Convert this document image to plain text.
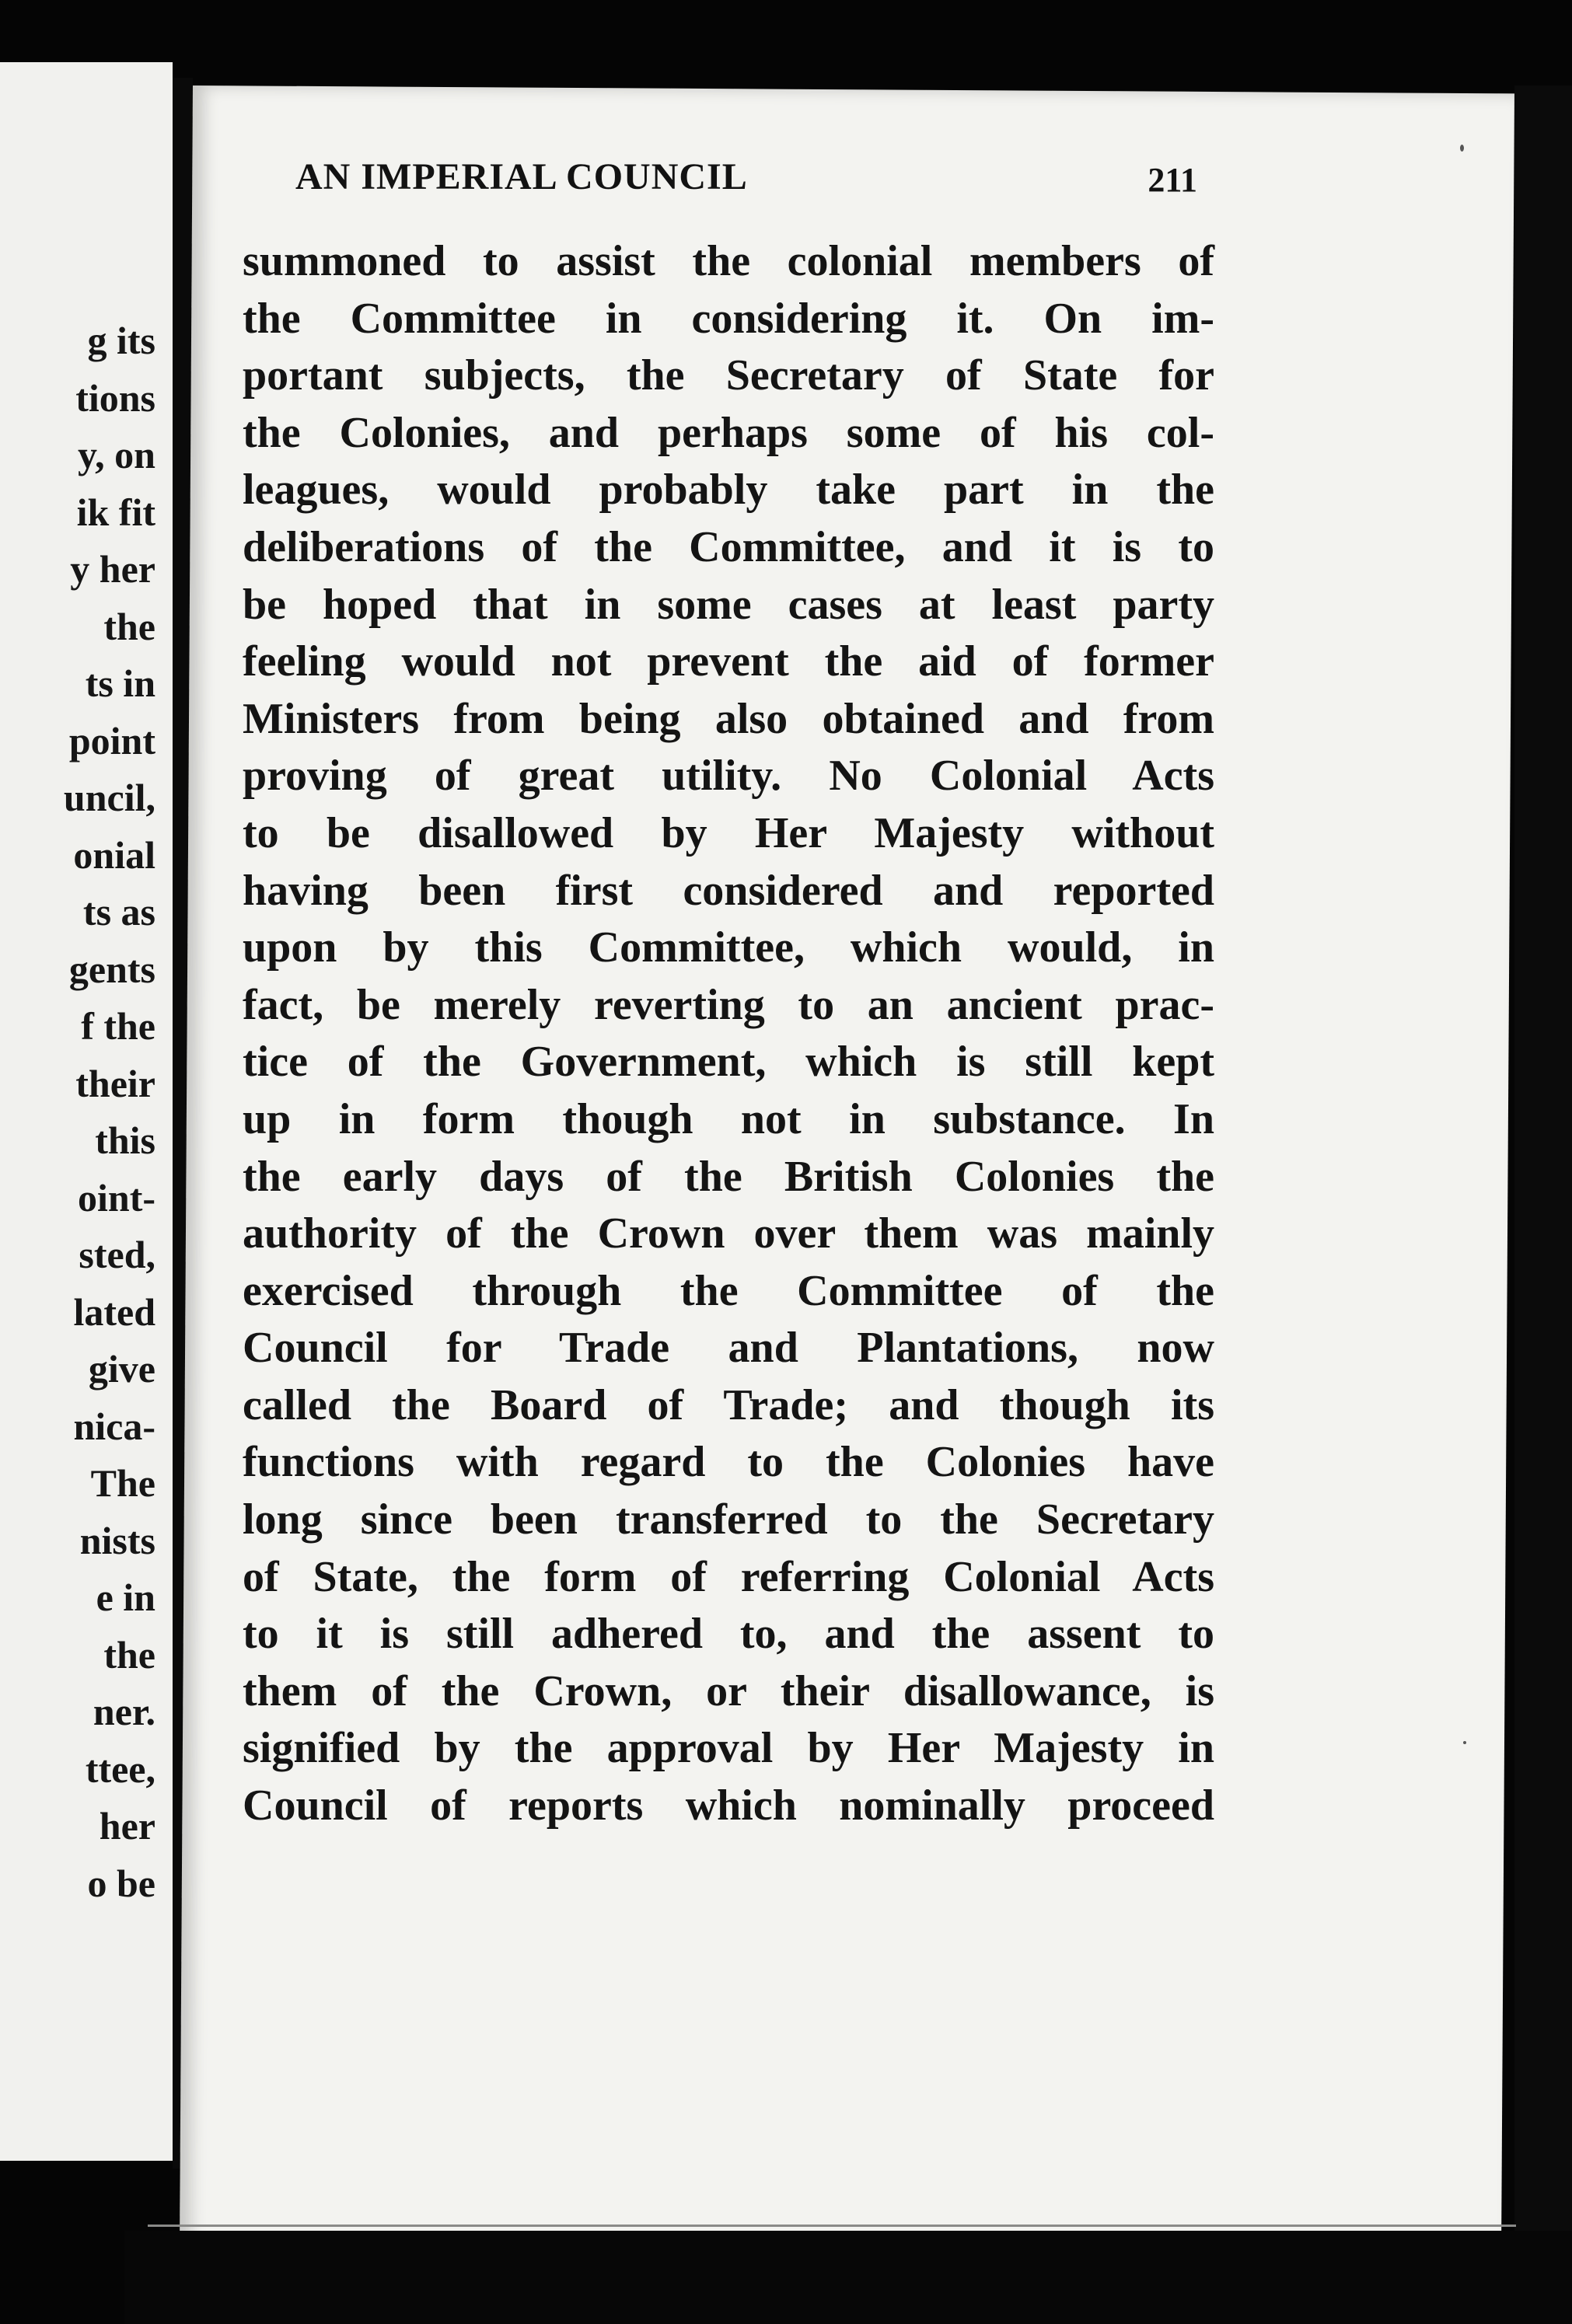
g its
tions
y, on
ik fit
y her
the
ts in
point
uncil,
onial
ts as
gents
f the
their
this
oint-
sted,
lated
give
nica-
The
nists
e in
the
ner.
ttee,
her
o be
AN IMPERIAL COUNCIL	211
summoned to assist the colonial members of
the Committee in considering it. On im-
portant subjects, the Secretary of State for
the Colonies, and perhaps some of his col-
leagues, would probably take part in the
deliberations of the Committee, and it is to
be hoped that in some cases at least party
feeling would not prevent the aid of former
Ministers from being also obtained and from
proving of great utility. No Colonial Acts
to be disallowed by Her Majesty without
having been first considered and reported
upon by this Committee, which would, in
fact, be merely reverting to an ancient prac-
tice of the Government, which is still kept
up in form though not in substance. In
the early days of the British Colonies the
authority of the Crown over them was mainly
exercised through the Committee of the
Council for Trade and Plantations, now
called the Board of Trade; and though its
functions with regard to the Colonies have
long since been transferred to the Secretary
of State, the form of referring Colonial Acts
to it is still adhered to, and the assent to
them of the Crown, or their disallowance, is
signified by the approval by Her Majesty in
Council of reports which nominally proceed
